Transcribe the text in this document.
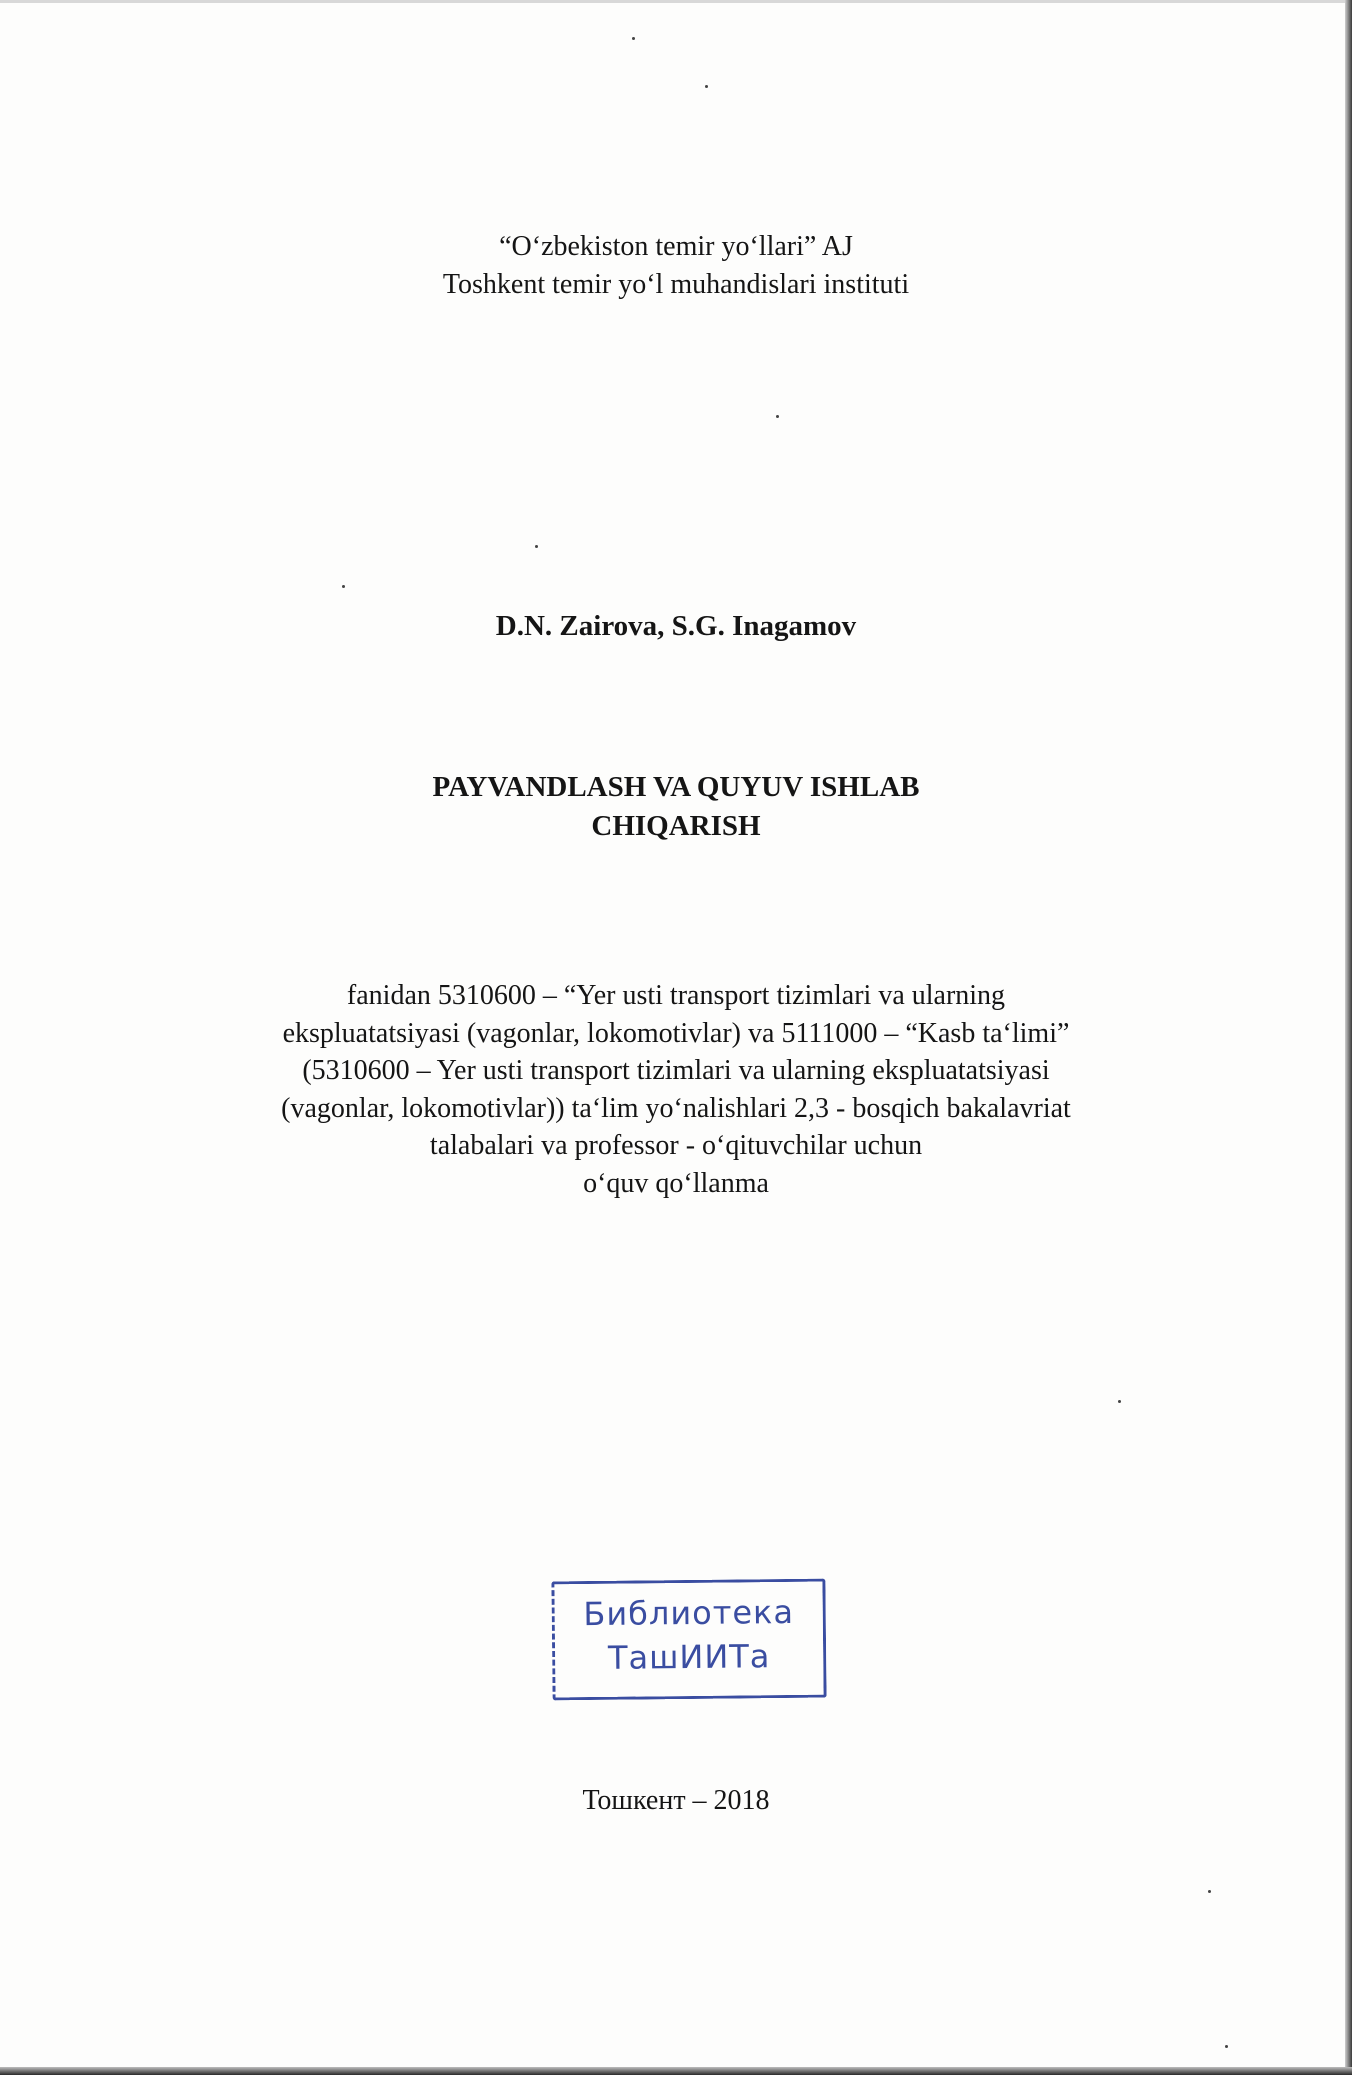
“O‘zbekiston temir yo‘llari” AJ
Toshkent temir yo‘l muhandislari instituti
D.N. Zairova, S.G. Inagamov
PAYVANDLASH VA QUYUV ISHLAB
CHIQARISH
fanidan 5310600 – “Yer usti transport tizimlari va ularning
ekspluatatsiyasi (vagonlar, lokomotivlar) va 5111000 – “Kasb ta‘limi”
(5310600 – Yer usti transport tizimlari va ularning ekspluatatsiyasi
(vagonlar, lokomotivlar)) ta‘lim yo‘nalishlari 2,3 - bosqich bakalavriat
talabalari va professor - o‘qituvchilar uchun
o‘quv qo‘llanma
Библиотека
ТашИИТа
Тошкент – 2018
